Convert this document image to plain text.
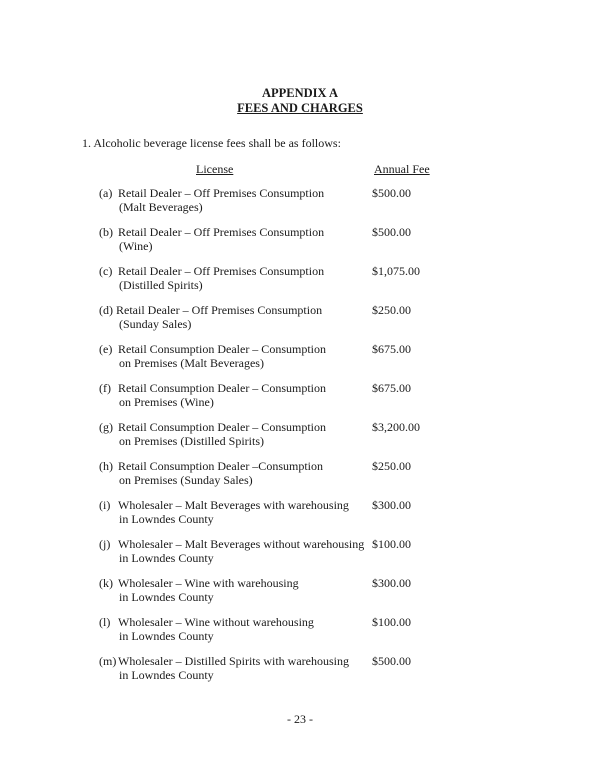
APPENDIX A
FEES AND CHARGES
1. Alcoholic beverage license fees shall be as follows:
License	Annual Fee
(a) Retail Dealer – Off Premises Consumption
(Malt Beverages)
$500.00
(b) Retail Dealer – Off Premises Consumption
(Wine)
$500.00
(c) Retail Dealer – Off Premises Consumption
(Distilled Spirits)
$1,075.00
(d) Retail Dealer – Off Premises Consumption
(Sunday Sales)
$250.00
(e) Retail Consumption Dealer – Consumption
on Premises (Malt Beverages)
$675.00
(f) Retail Consumption Dealer – Consumption
on Premises (Wine)
$675.00
(g) Retail Consumption Dealer – Consumption
on Premises (Distilled Spirits)
$3,200.00
(h) Retail Consumption Dealer –Consumption
on Premises (Sunday Sales)
$250.00
(i) Wholesaler – Malt Beverages with warehousing
in Lowndes County
$300.00
(j) Wholesaler – Malt Beverages without warehousing
in Lowndes County
$100.00
(k) Wholesaler – Wine with warehousing
in Lowndes County
$300.00
(l) Wholesaler – Wine without warehousing
in Lowndes County
$100.00
(m) Wholesaler – Distilled Spirits with warehousing
in Lowndes County
$500.00
- 23 -
